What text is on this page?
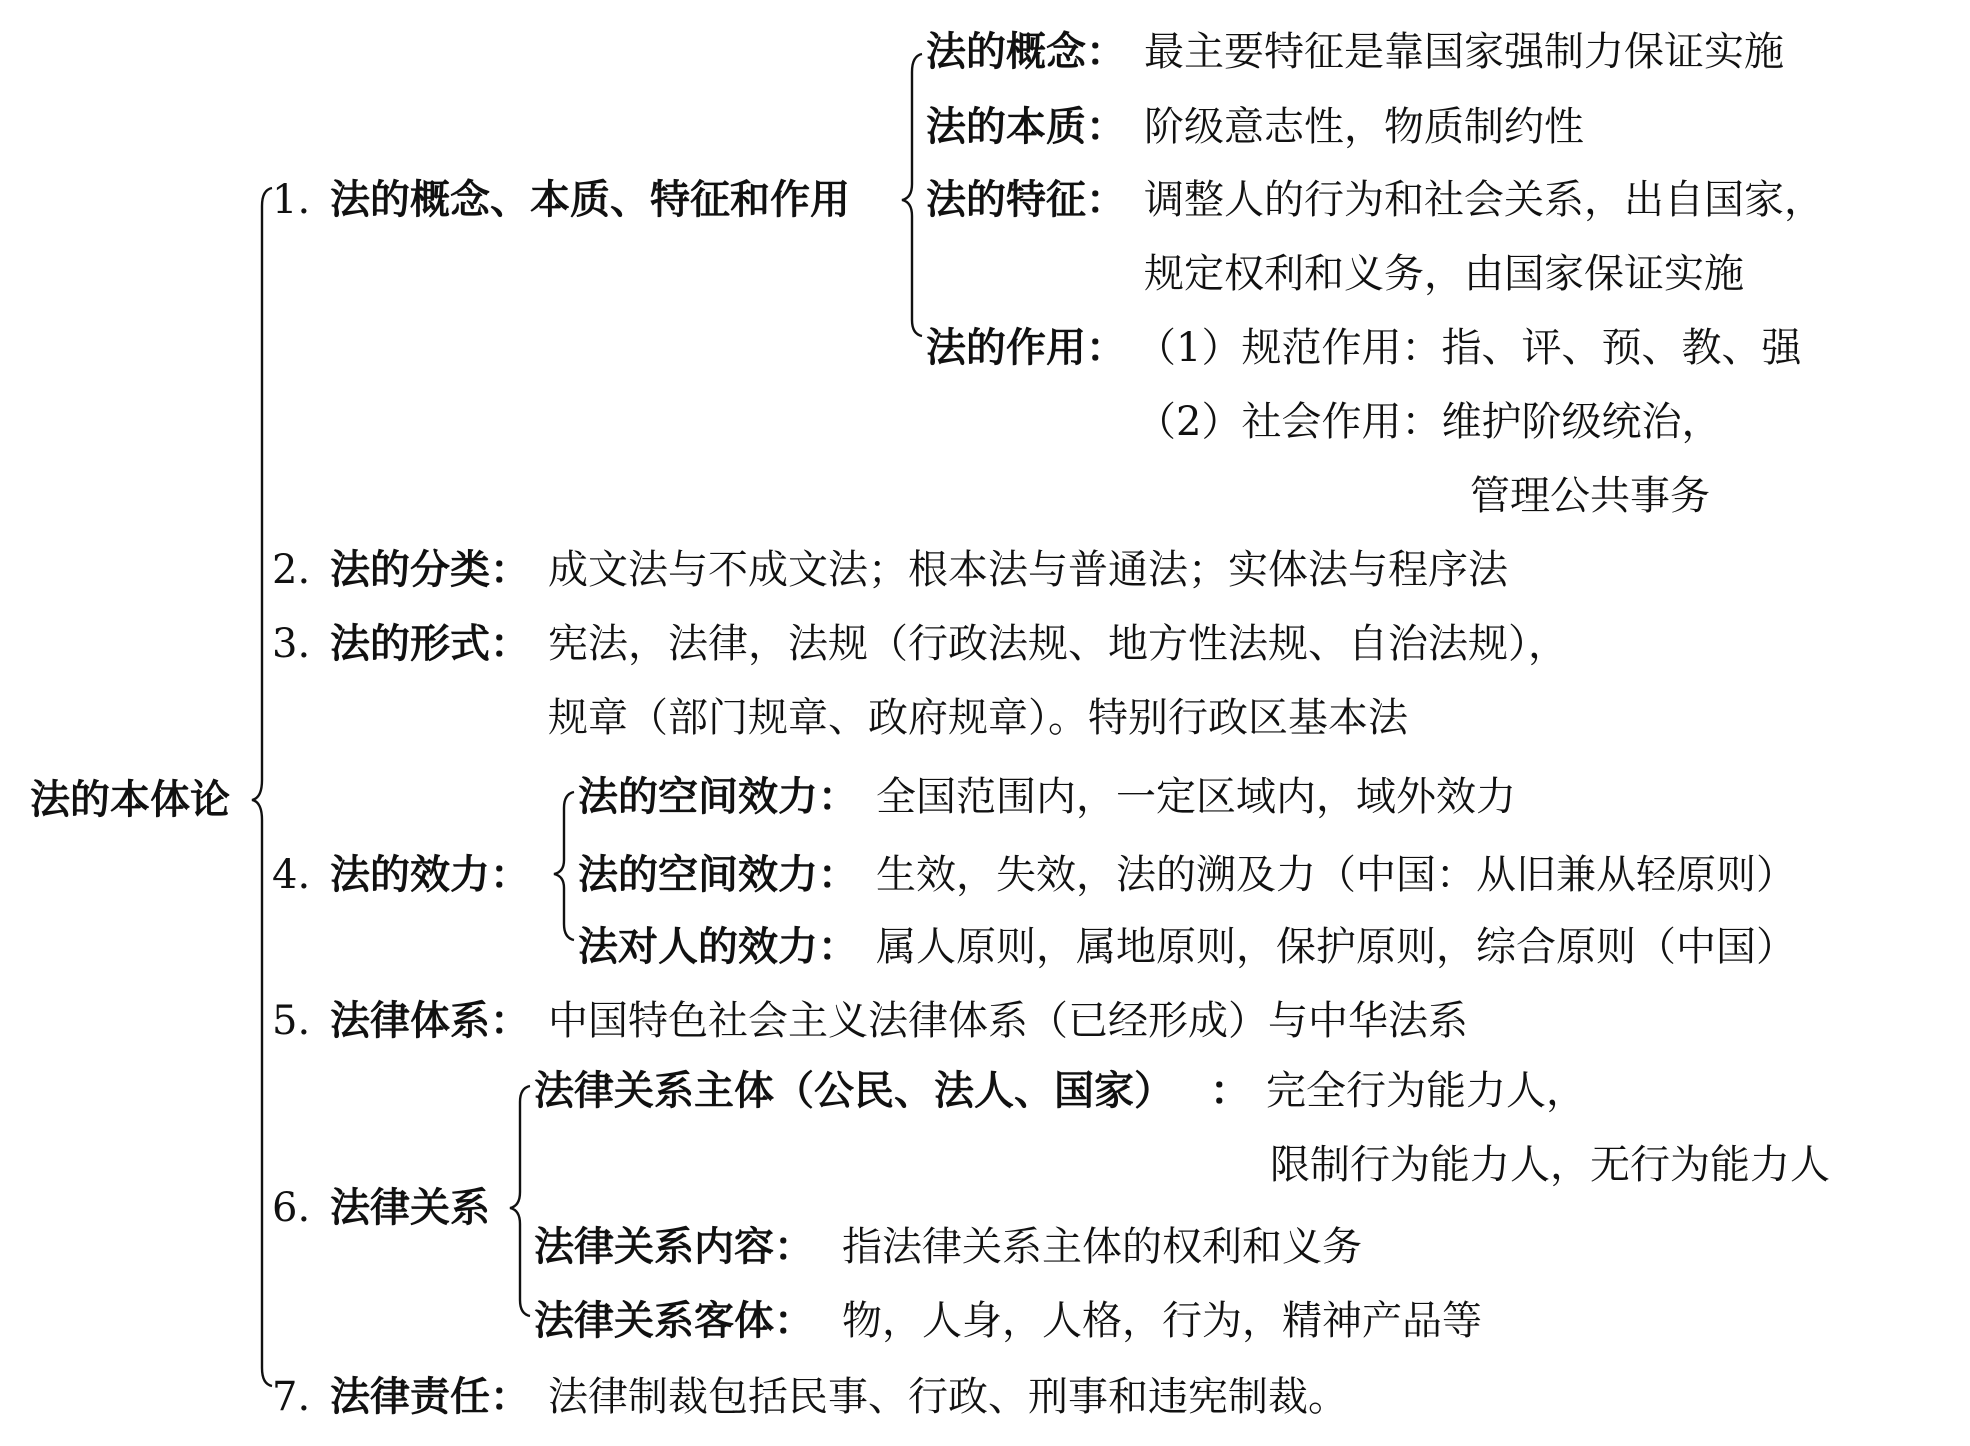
法的本体论
1. 法的概念、本质、特征和作用
法的概念 ： 最主要特征是靠国家强制力保证实施
法的本质 ： 阶级意志性，物质制约性
法的特征 ： 调整人的行为和社会关系，出自国家，
规定权利和义务，由国家保证实施
法的作用 ： （1）规范作用：指、评、预、教、强
（2）社会作用：维护阶级统治，
管理公共事务
2. 法的分类 ： 成文法与不成文法；根本法与普通法；实体法与程序法
3. 法的形式 ： 宪法，法律，法规（行政法规、地方性法规、自治法规），
规章（部门规章、政府规章）。特别行政区基本法
4. 法的效力 ：
法的空间效力 ： 全国范围内，一定区域内，域外效力
法的空间效力 ： 生效，失效，法的溯及力（中国：从旧兼从轻原则）
法对人的效力 ： 属人原则，属地原则，保护原则，综合原则（中国）
5. 法律体系 ： 中国特色社会主义法律体系（已经形成）与中华法系
6. 法律关系
法律关系主体（公民、法人、国家） ： 完全行为能力人，
限制行为能力人，无行为能力人
法律关系内容 ： 指法律关系主体的权利和义务
法律关系客体 ： 物，人身，人格，行为，精神产品等
7. 法律责任 ： 法律制裁包括民事、行政、刑事和违宪制裁。
